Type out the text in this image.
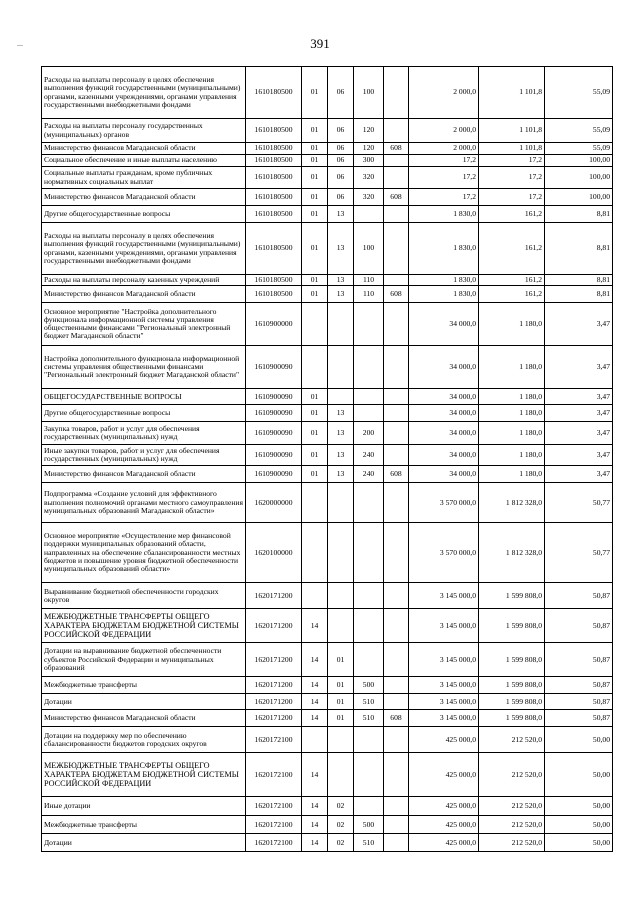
391
...
Расходы на выплаты персоналу в целях обеспечения выполнения функций государственными (муниципальными) органами, казенными учреждениями, органами управления государственными внебюджетными фондами	1610180500	01	06	100		2 000,0	1 101,8	55,09
Расходы на выплаты персоналу государственных (муниципальных) органов	1610180500	01	06	120		2 000,0	1 101,8	55,09
Министерство финансов Магаданской области	1610180500	01	06	120	608	2 000,0	1 101,8	55,09
Социальное обеспечение и иные выплаты населению	1610180500	01	06	300		17,2	17,2	100,00
Социальные выплаты гражданам, кроме публичных нормативных социальных выплат	1610180500	01	06	320		17,2	17,2	100,00
Министерство финансов Магаданской области	1610180500	01	06	320	608	17,2	17,2	100,00
Другие общегосударственные вопросы	1610180500	01	13			1 830,0	161,2	8,81
Расходы на выплаты персоналу в целях обеспечения выполнения функций государственными (муниципальными) органами, казенными учреждениями, органами управления государственными внебюджетными фондами	1610180500	01	13	100		1 830,0	161,2	8,81
Расходы на выплаты персоналу казенных учреждений	1610180500	01	13	110		1 830,0	161,2	8,81
Министерство финансов Магаданской области	1610180500	01	13	110	608	1 830,0	161,2	8,81
Основное мероприятие "Настройка дополнительного функционала информационной системы управления общественными финансами "Региональный электронный бюджет Магаданской области"	1610900000					34 000,0	1 180,0	3,47
Настройка дополнительного функционала информационной системы управления общественными финансами "Региональный электронный бюджет Магаданской области"	1610900090					34 000,0	1 180,0	3,47
ОБЩЕГОСУДАРСТВЕННЫЕ ВОПРОСЫ	1610900090	01				34 000,0	1 180,0	3,47
Другие общегосударственные вопросы	1610900090	01	13			34 000,0	1 180,0	3,47
Закупка товаров, работ и услуг для обеспечения государственных (муниципальных) нужд	1610900090	01	13	200		34 000,0	1 180,0	3,47
Иные закупки товаров, работ и услуг для обеспечения государственных (муниципальных) нужд	1610900090	01	13	240		34 000,0	1 180,0	3,47
Министерство финансов Магаданской области	1610900090	01	13	240	608	34 000,0	1 180,0	3,47
Подпрограмма «Создание условий для эффективного выполнения полномочий органами местного самоуправления муниципальных образований Магаданской области»	1620000000					3 570 000,0	1 812 328,0	50,77
Основное мероприятие «Осуществление мер финансовой поддержки муниципальных образований области, направленных на обеспечение сбалансированности местных бюджетов и повышение уровня бюджетной обеспеченности муниципальных образований области»	1620100000					3 570 000,0	1 812 328,0	50,77
Выравнивание бюджетной обеспеченности городских округов	1620171200					3 145 000,0	1 599 808,0	50,87
МЕЖБЮДЖЕТНЫЕ ТРАНСФЕРТЫ ОБЩЕГО ХАРАКТЕРА БЮДЖЕТАМ БЮДЖЕТНОЙ СИСТЕМЫ РОССИЙСКОЙ ФЕДЕРАЦИИ	1620171200	14				3 145 000,0	1 599 808,0	50,87
Дотации на выравнивание бюджетной обеспеченности субъектов Российской Федерации и муниципальных образований	1620171200	14	01			3 145 000,0	1 599 808,0	50,87
Межбюджетные трансферты	1620171200	14	01	500		3 145 000,0	1 599 808,0	50,87
Дотации	1620171200	14	01	510		3 145 000,0	1 599 808,0	50,87
Министерство финансов Магаданской области	1620171200	14	01	510	608	3 145 000,0	1 599 808,0	50,87
Дотации на поддержку мер по обеспечению сбалансированности бюджетов городских округов	1620172100					425 000,0	212 520,0	50,00
МЕЖБЮДЖЕТНЫЕ ТРАНСФЕРТЫ ОБЩЕГО ХАРАКТЕРА БЮДЖЕТАМ БЮДЖЕТНОЙ СИСТЕМЫ РОССИЙСКОЙ ФЕДЕРАЦИИ	1620172100	14				425 000,0	212 520,0	50,00
Иные дотации	1620172100	14	02			425 000,0	212 520,0	50,00
Межбюджетные трансферты	1620172100	14	02	500		425 000,0	212 520,0	50,00
Дотации	1620172100	14	02	510		425 000,0	212 520,0	50,00
